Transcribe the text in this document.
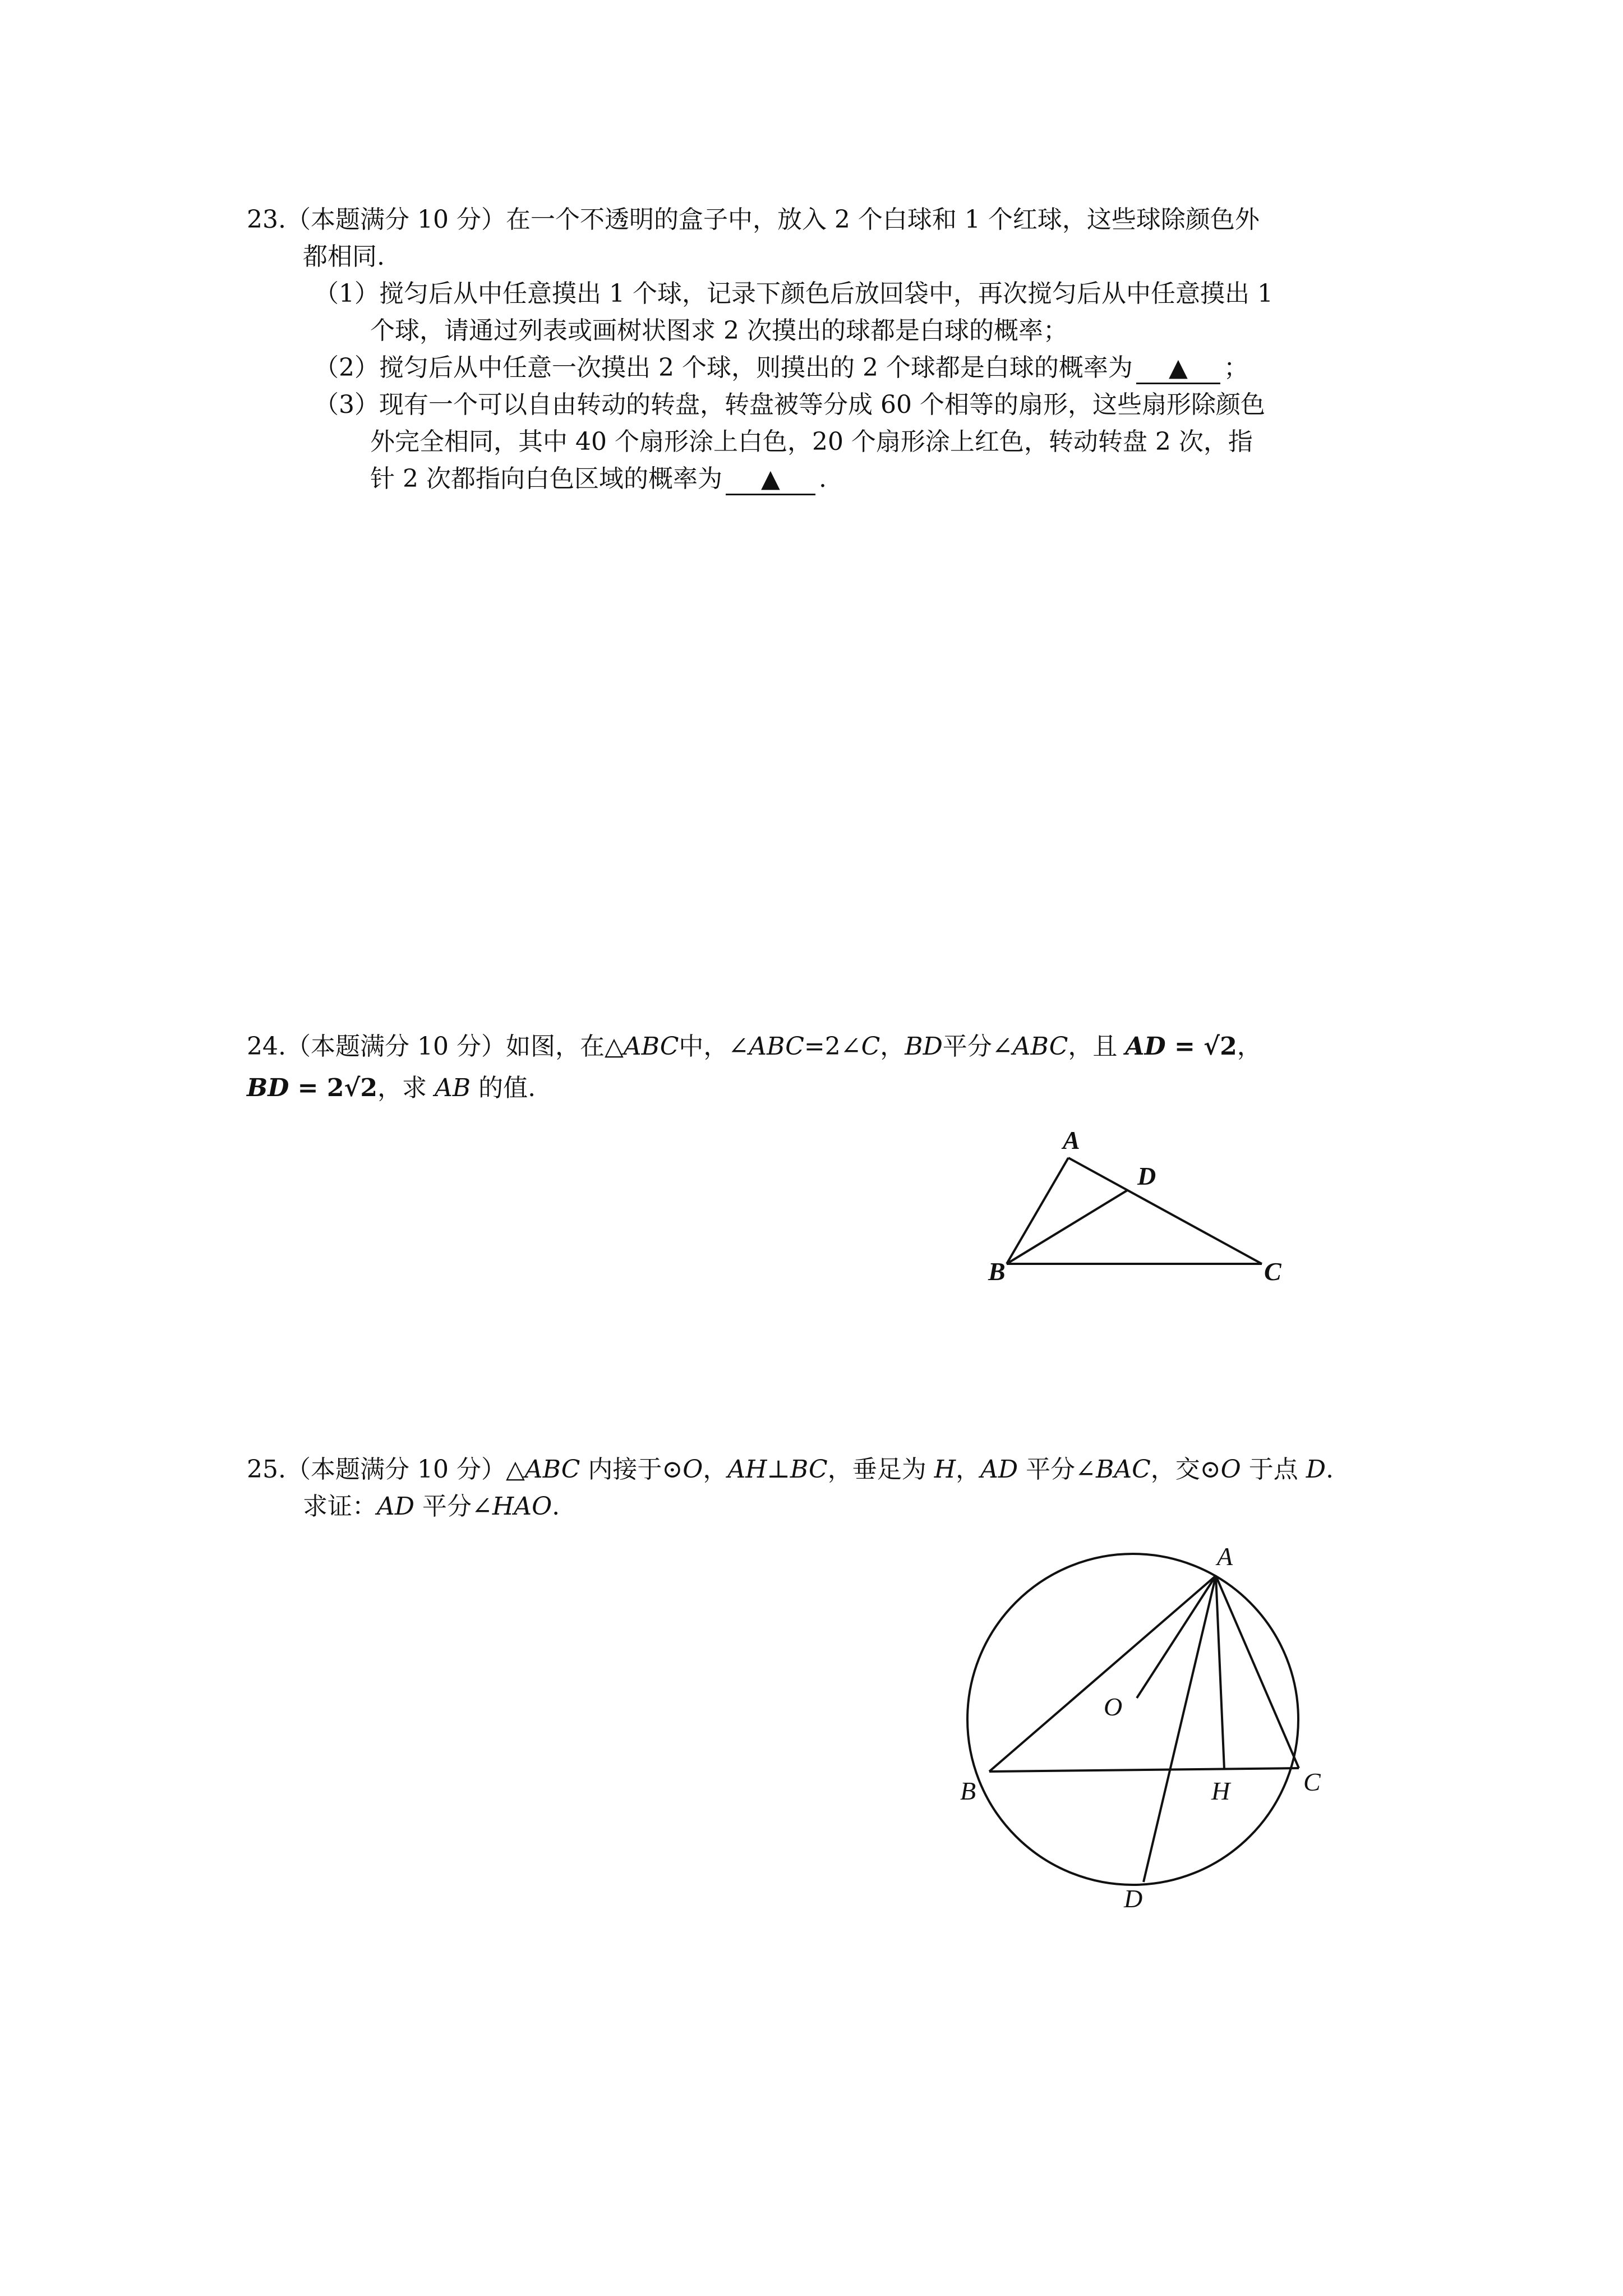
23.（本题满分 10 分）在一个不透明的盒子中，放入 2 个白球和 1 个红球，这些球除颜色外
都相同.
（1）搅匀后从中任意摸出 1 个球，记录下颜色后放回袋中，再次搅匀后从中任意摸出 1
个球，请通过列表或画树状图求 2 次摸出的球都是白球的概率；
（2）搅匀后从中任意一次摸出 2 个球，则摸出的 2 个球都是白球的概率为 ▲ ；
（3）现有一个可以自由转动的转盘，转盘被等分成 60 个相等的扇形，这些扇形除颜色
外完全相同，其中 40 个扇形涂上白色，20 个扇形涂上红色，转动转盘 2 次，指
针 2 次都指向白色区域的概率为 ▲ .
24.（本题满分 10 分）如图，在△ABC中，∠ABC=2∠C，BD平分∠ABC，且 AD = √2，
BD = 2√2，求 AB 的值.
25.（本题满分 10 分）△ABC 内接于⊙O，AH⊥BC，垂足为 H，AD 平分∠BAC，交⊙O 于点 D.
求证：AD 平分∠HAO.
A
D
B	C
A
O
B	H	C
D
